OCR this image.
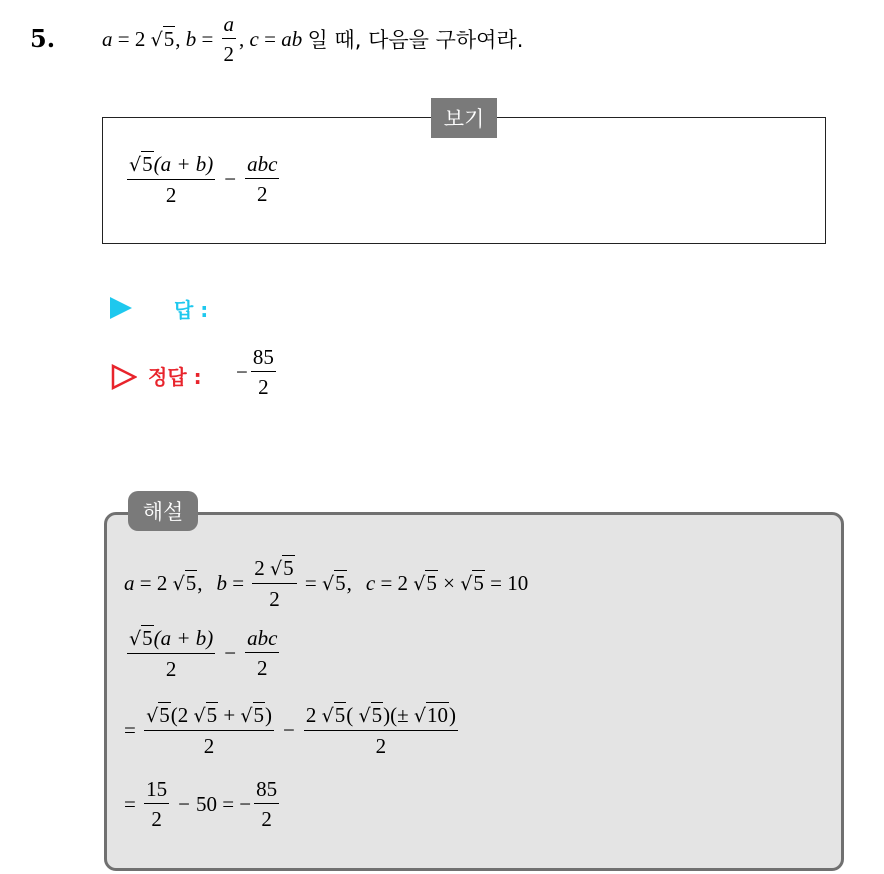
5. a = 2
√5 , $b = \frac{a}{2}$ , c = ab
일 때, 다음을 구하여라.
보기
$\frac{√5(a + b)}{2} - \frac{\text{abc}}{2}$
답 :
정답 : − $\frac{85}{2}$
해설
a = 2 √5 , $b = \frac{2 √5}{2} = √5$ , c = 2 √5 × √5 = 10
$\frac{√5(a + b)}{2} - \frac{\text{abc}}{2}$
=
$\frac{√5(2 √5 + √5)}{2} - \frac{2 √5( √5)(\pm √10)}{2}$
=
$\frac{15}{2} - 50$ = − $\frac{85}{2}$
